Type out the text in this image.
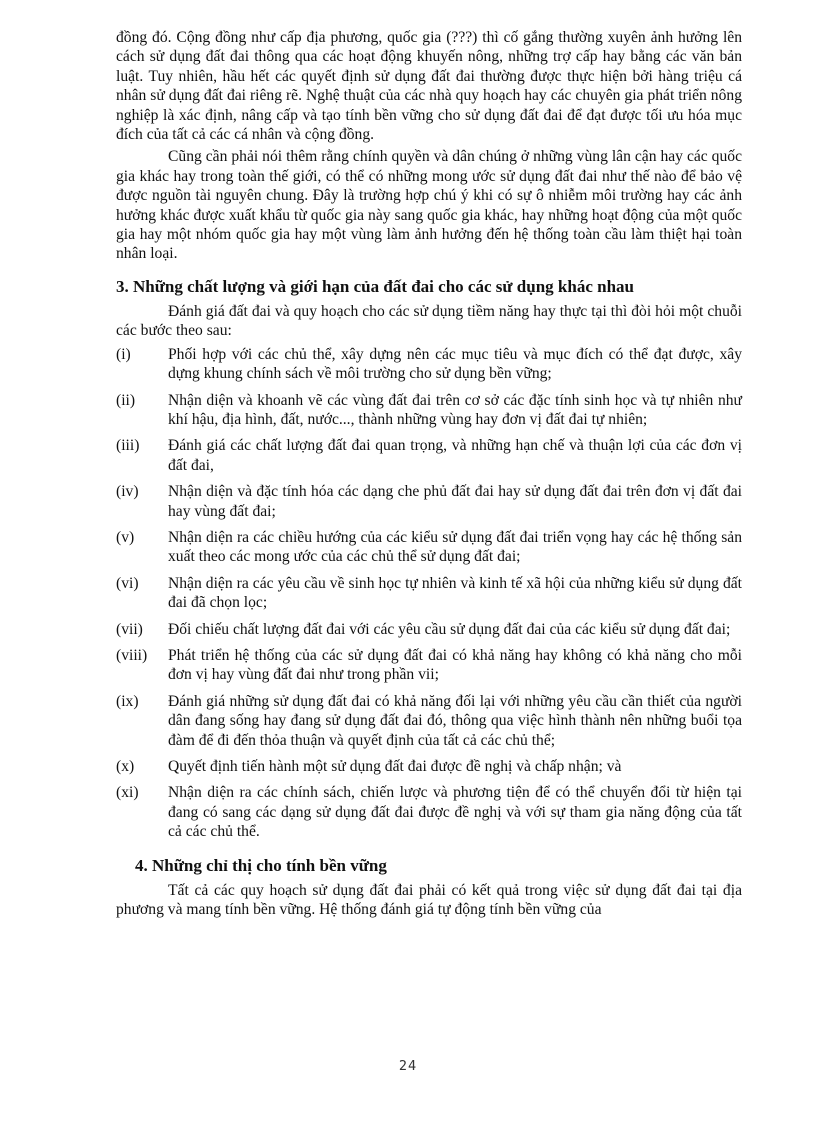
đồng đó. Cộng đồng như cấp địa phương, quốc gia (???) thì cố gắng thường xuyên ảnh hưởng lên cách sử dụng đất đai thông qua các hoạt động khuyến nông, những trợ cấp hay bằng các văn bản luật. Tuy nhiên, hầu hết các quyết định sử dụng đất đai thường được thực hiện bởi hàng triệu cá nhân sử dụng đất đai riêng rẽ. Nghệ thuật của các nhà quy hoạch hay các chuyên gia phát triển nông nghiệp là xác định, nâng cấp và tạo tính bền vững cho sử dụng đất đai để đạt được tối ưu hóa mục đích của tất cả các cá nhân và cộng đồng.

Cũng cần phải nói thêm rằng chính quyền và dân chúng ở những vùng lân cận hay các quốc gia khác hay trong toàn thế giới, có thể có những mong ước sử dụng đất đai như thế nào để bảo vệ được nguồn tài nguyên chung. Đây là trường hợp chú ý khi có sự ô nhiễm môi trường hay các ảnh hưởng khác được xuất khẩu từ quốc gia này sang quốc gia khác, hay những hoạt động của một quốc gia hay một nhóm quốc gia hay một vùng làm ảnh hưởng đến hệ thống toàn cầu làm thiệt hại toàn nhân loại.

3. Những chất lượng và giới hạn của đất đai cho các sử dụng khác nhau

Đánh giá đất đai và quy hoạch cho các sử dụng tiềm năng hay thực tại thì đòi hỏi một chuỗi các bước theo sau:

(i)	Phối hợp với các chủ thể, xây dựng nên các mục tiêu và mục đích có thể đạt được, xây dựng khung chính sách về môi trường cho sử dụng bền vững;
(ii)	Nhận diện và khoanh vẽ các vùng đất đai trên cơ sở các đặc tính sinh học và tự nhiên như khí hậu, địa hình, đất, nước..., thành những vùng hay đơn vị đất đai tự nhiên;
(iii)	Đánh giá các chất lượng đất đai quan trọng, và những hạn chế và thuận lợi của các đơn vị đất đai,
(iv)	Nhận diện và đặc tính hóa các dạng che phủ đất đai hay sử dụng đất đai trên đơn vị đất đai hay vùng đất đai;
(v)	Nhận diện ra các chiều hướng của các kiểu sử dụng đất đai triển vọng hay các hệ thống sản xuất theo các mong ước của các chủ thể sử dụng đất đai;
(vi)	Nhận diện ra các yêu cầu về sinh học tự nhiên và kinh tế xã hội của những kiểu sử dụng đất đai đã chọn lọc;
(vii)	Đối chiếu chất lượng đất đai với các yêu cầu sử dụng đất đai của các kiểu sử dụng đất đai;
(viii)	Phát triển hệ thống của các sử dụng đất đai có khả năng hay không có khả năng cho mỗi đơn vị hay vùng đất đai như trong phần vii;
(ix)	Đánh giá những sử dụng đất đai có khả năng đối lại với những yêu cầu cần thiết của người dân đang sống hay đang sử dụng đất đai đó, thông qua việc hình thành nên những buổi tọa đàm để đi đến thỏa thuận và quyết định của tất cả các chủ thể;
(x)	Quyết định tiến hành một sử dụng đất đai được đề nghị và chấp nhận; và
(xi)	Nhận diện ra các chính sách, chiến lược và phương tiện để có thể chuyển đổi từ hiện tại đang có sang các dạng sử dụng đất đai được đề nghị và với sự tham gia năng động của tất cả các chủ thể.
4. Những chỉ thị cho tính bền vững

Tất cả các quy hoạch sử dụng đất đai phải có kết quả trong việc sử dụng đất đai tại địa phương và mang tính bền vững. Hệ thống đánh giá tự động tính bền vững của

24
